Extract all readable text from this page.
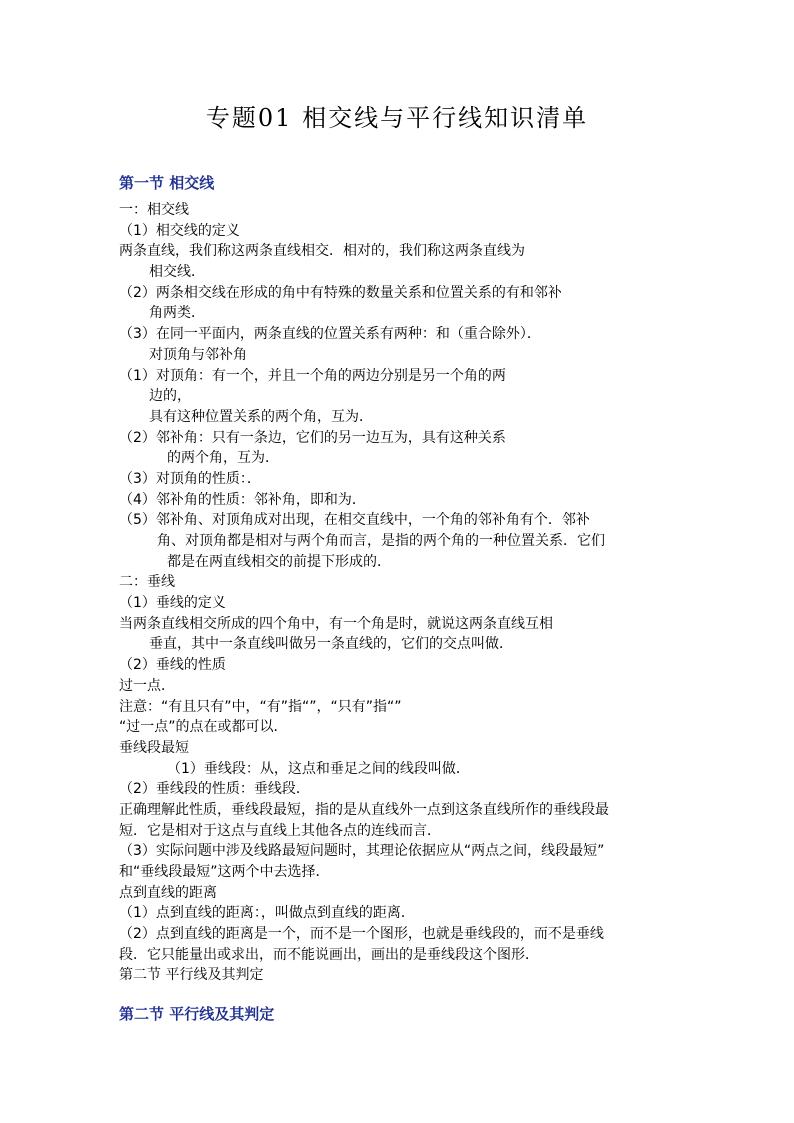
专题01 相交线与平行线知识清单
第一节 相交线
一：相交线
（1）相交线的定义
两条直线，我们称这两条直线相交．相对的，我们称这两条直线为
相交线．
（2）两条相交线在形成的角中有特殊的数量关系和位置关系的有和邻补
角两类．
（3）在同一平面内，两条直线的位置关系有两种：和（重合除外）．
对顶角与邻补角
（1）对顶角：有一个，并且一个角的两边分别是另一个角的两
边的，
具有这种位置关系的两个角，互为．
（2）邻补角：只有一条边，它们的另一边互为，具有这种关系
的两个角，互为．
（3）对顶角的性质：．
（4）邻补角的性质：邻补角，即和为．
（5）邻补角、对顶角成对出现，在相交直线中，一个角的邻补角有个．邻补
角、对顶角都是相对与两个角而言，是指的两个角的一种位置关系．它们
都是在两直线相交的前提下形成的．
二：垂线
（1）垂线的定义
当两条直线相交所成的四个角中，有一个角是时，就说这两条直线互相
垂直，其中一条直线叫做另一条直线的，它们的交点叫做．
（2）垂线的性质
过一点．
注意：“有且只有”中，“有”指“”，“只有”指“”
“过一点”的点在或都可以．
垂线段最短
（1）垂线段：从，这点和垂足之间的线段叫做．
（2）垂线段的性质：垂线段．
正确理解此性质，垂线段最短，指的是从直线外一点到这条直线所作的垂线段最
短．它是相对于这点与直线上其他各点的连线而言．
（3）实际问题中涉及线路最短问题时，其理论依据应从“两点之间，线段最短”
和“垂线段最短”这两个中去选择．
点到直线的距离
（1）点到直线的距离：，叫做点到直线的距离．
（2）点到直线的距离是一个，而不是一个图形，也就是垂线段的，而不是垂线
段．它只能量出或求出，而不能说画出，画出的是垂线段这个图形．
第二节 平行线及其判定
第二节 平行线及其判定
